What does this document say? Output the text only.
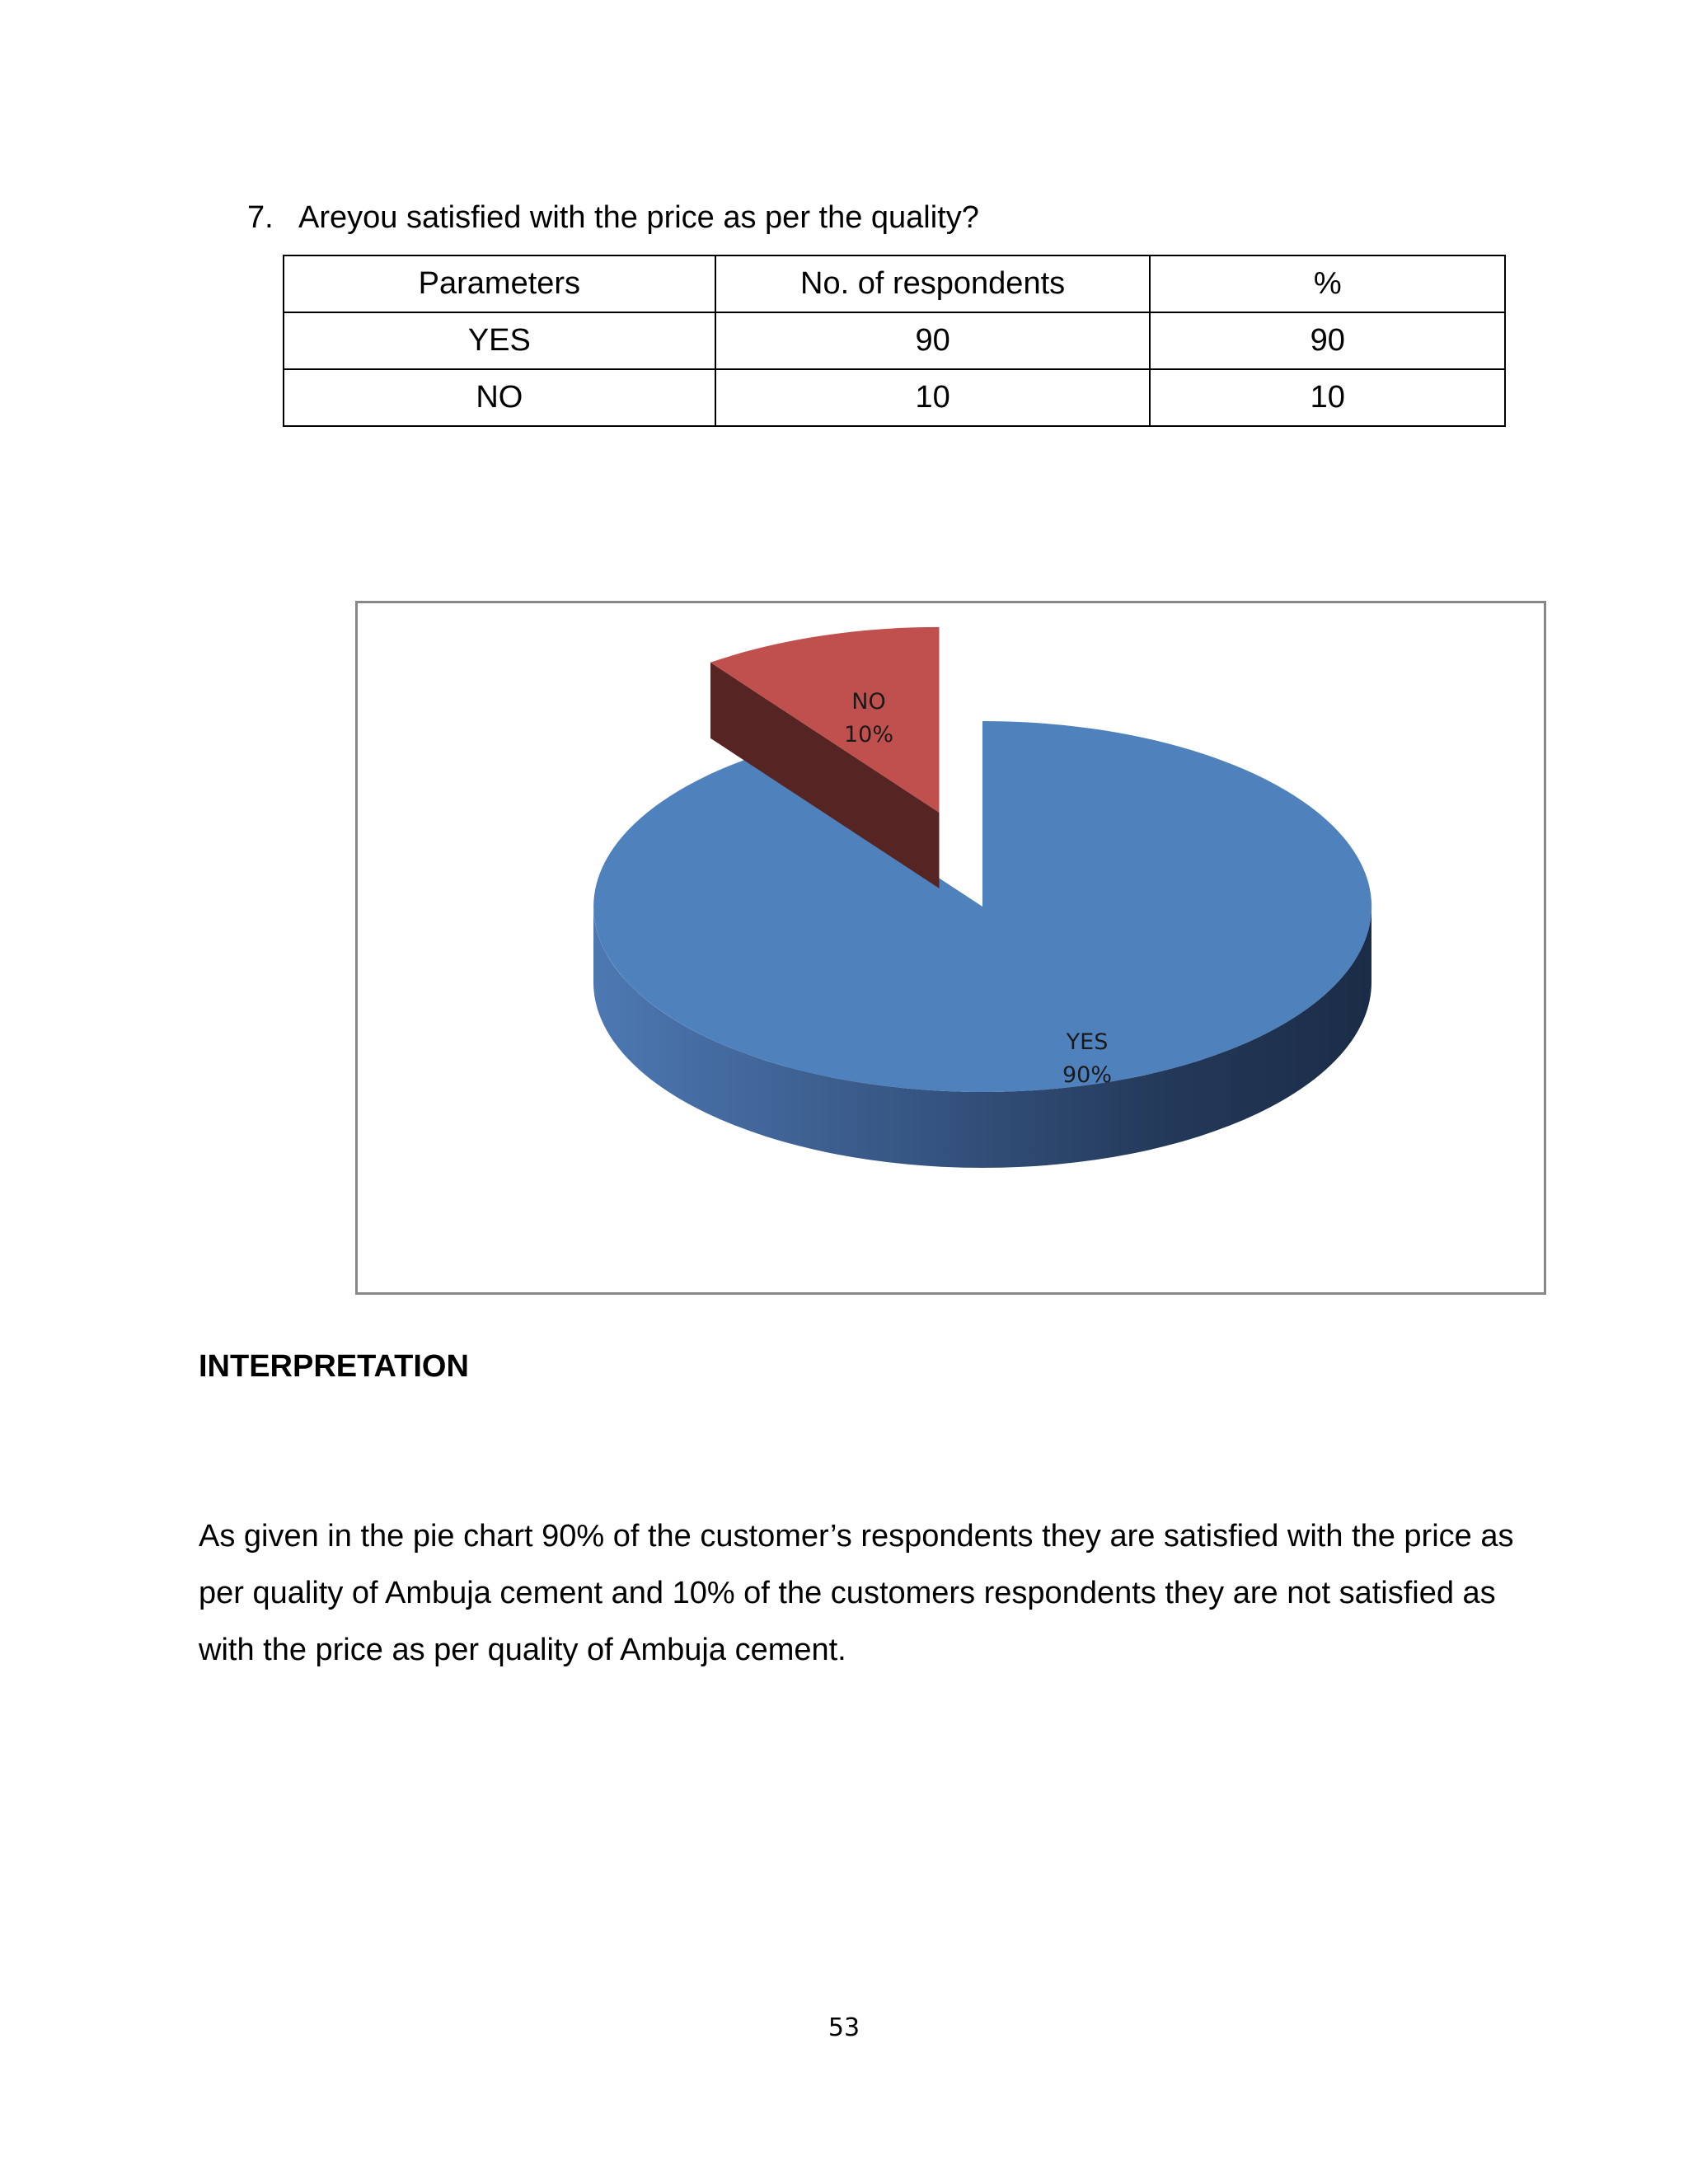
7. Areyou satisfied with the price as per the quality?
Parameters	No. of respondents	%
YES	90	90
NO	10	10
NO
10%
YES
90%
INTERPRETATION
As given in the pie chart 90% of the customer’s respondents they are satisfied with the price as per quality of Ambuja cement and 10% of the customers respondents they are not satisfied as with the price as per quality of Ambuja cement.
53
